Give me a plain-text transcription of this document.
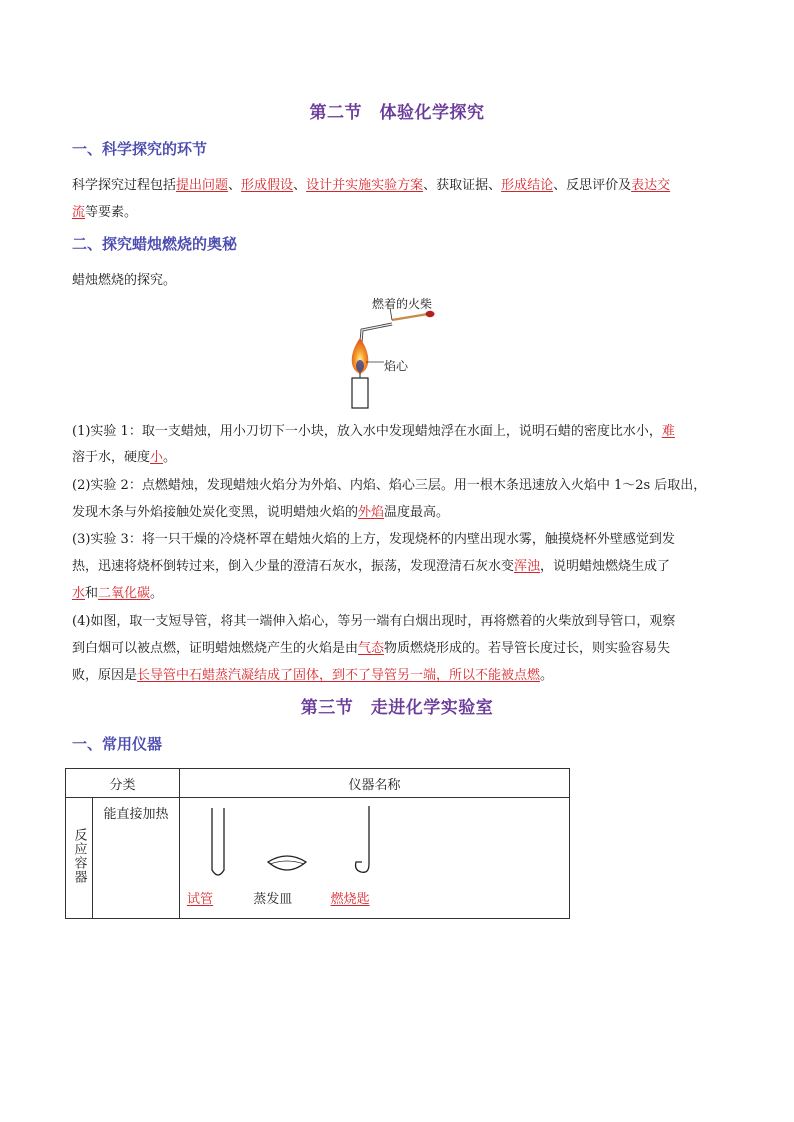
第二节　体验化学探究
一、科学探究的环节
科学探究过程包括提出问题、形成假设、设计并实施实验方案、获取证据、形成结论、反思评价及表达交
流等要素。
二、探究蜡烛燃烧的奥秘
蜡烛燃烧的探究。
燃着的火柴
焰心
(1)实验 1：取一支蜡烛，用小刀切下一小块，放入水中发现蜡烛浮在水面上，说明石蜡的密度比水小，难
溶于水，硬度小。
(2)实验 2：点燃蜡烛，发现蜡烛火焰分为外焰、内焰、焰心三层。用一根木条迅速放入火焰中 1～2s 后取出，
发现木条与外焰接触处炭化变黑，说明蜡烛火焰的外焰温度最高。
(3)实验 3：将一只干燥的冷烧杯罩在蜡烛火焰的上方，发现烧杯的内壁出现水雾，触摸烧杯外壁感觉到发
热，迅速将烧杯倒转过来，倒入少量的澄清石灰水，振荡，发现澄清石灰水变浑浊，说明蜡烛燃烧生成了
水和二氧化碳。
(4)如图，取一支短导管，将其一端伸入焰心，等另一端有白烟出现时，再将燃着的火柴放到导管口，观察
到白烟可以被点燃，证明蜡烛燃烧产生的火焰是由气态物质燃烧形成的。若导管长度过长，则实验容易失
败，原因是长导管中石蜡蒸汽凝结成了固体，到不了导管另一端，所以不能被点燃。
第三节　走进化学实验室
一、常用仪器
分类		仪器名称
反应容器	能直接加热	试管 蒸发皿 燃烧匙
